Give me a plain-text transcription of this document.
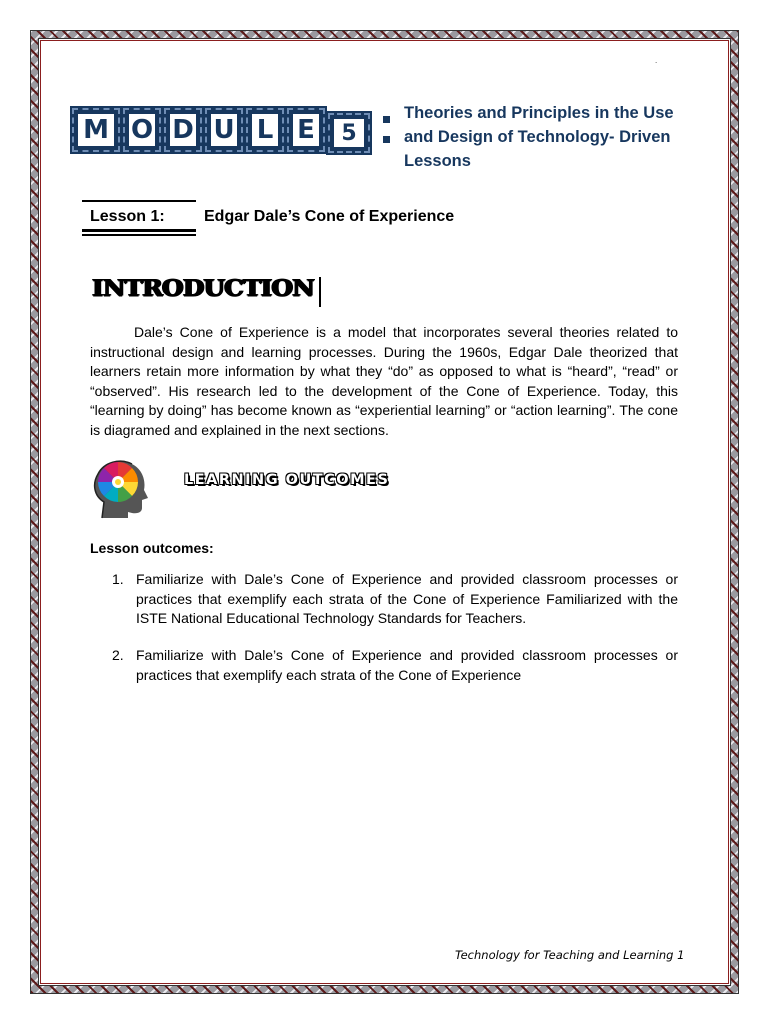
.
M O D U L E	5
Theories and Principles in the Use
and Design of Technology- Driven
Lessons
Lesson 1: Edgar Dale’s Cone of Experience
INTRODUCTION

Dale’s Cone of Experience is a model that incorporates several theories related to instructional design and learning processes. During the 1960s, Edgar Dale theorized that learners retain more information by what they “do” as opposed to what is “heard”, “read” or “observed”. His research led to the development of the Cone of Experience. Today, this “learning by doing” has become known as “experiential learning” or “action learning”. The cone is diagramed and explained in the next sections.

LEARNING OUTCOMES
Lesson outcomes:
1. Familiarize with Dale’s Cone of Experience and provided classroom processes or practices that exemplify each strata of the Cone of Experience Familiarized with the ISTE National Educational Technology Standards for Teachers.
2. Familiarize with Dale’s Cone of Experience and provided classroom processes or practices that exemplify each strata of the Cone of Experience
Technology for Teaching and Learning 1
